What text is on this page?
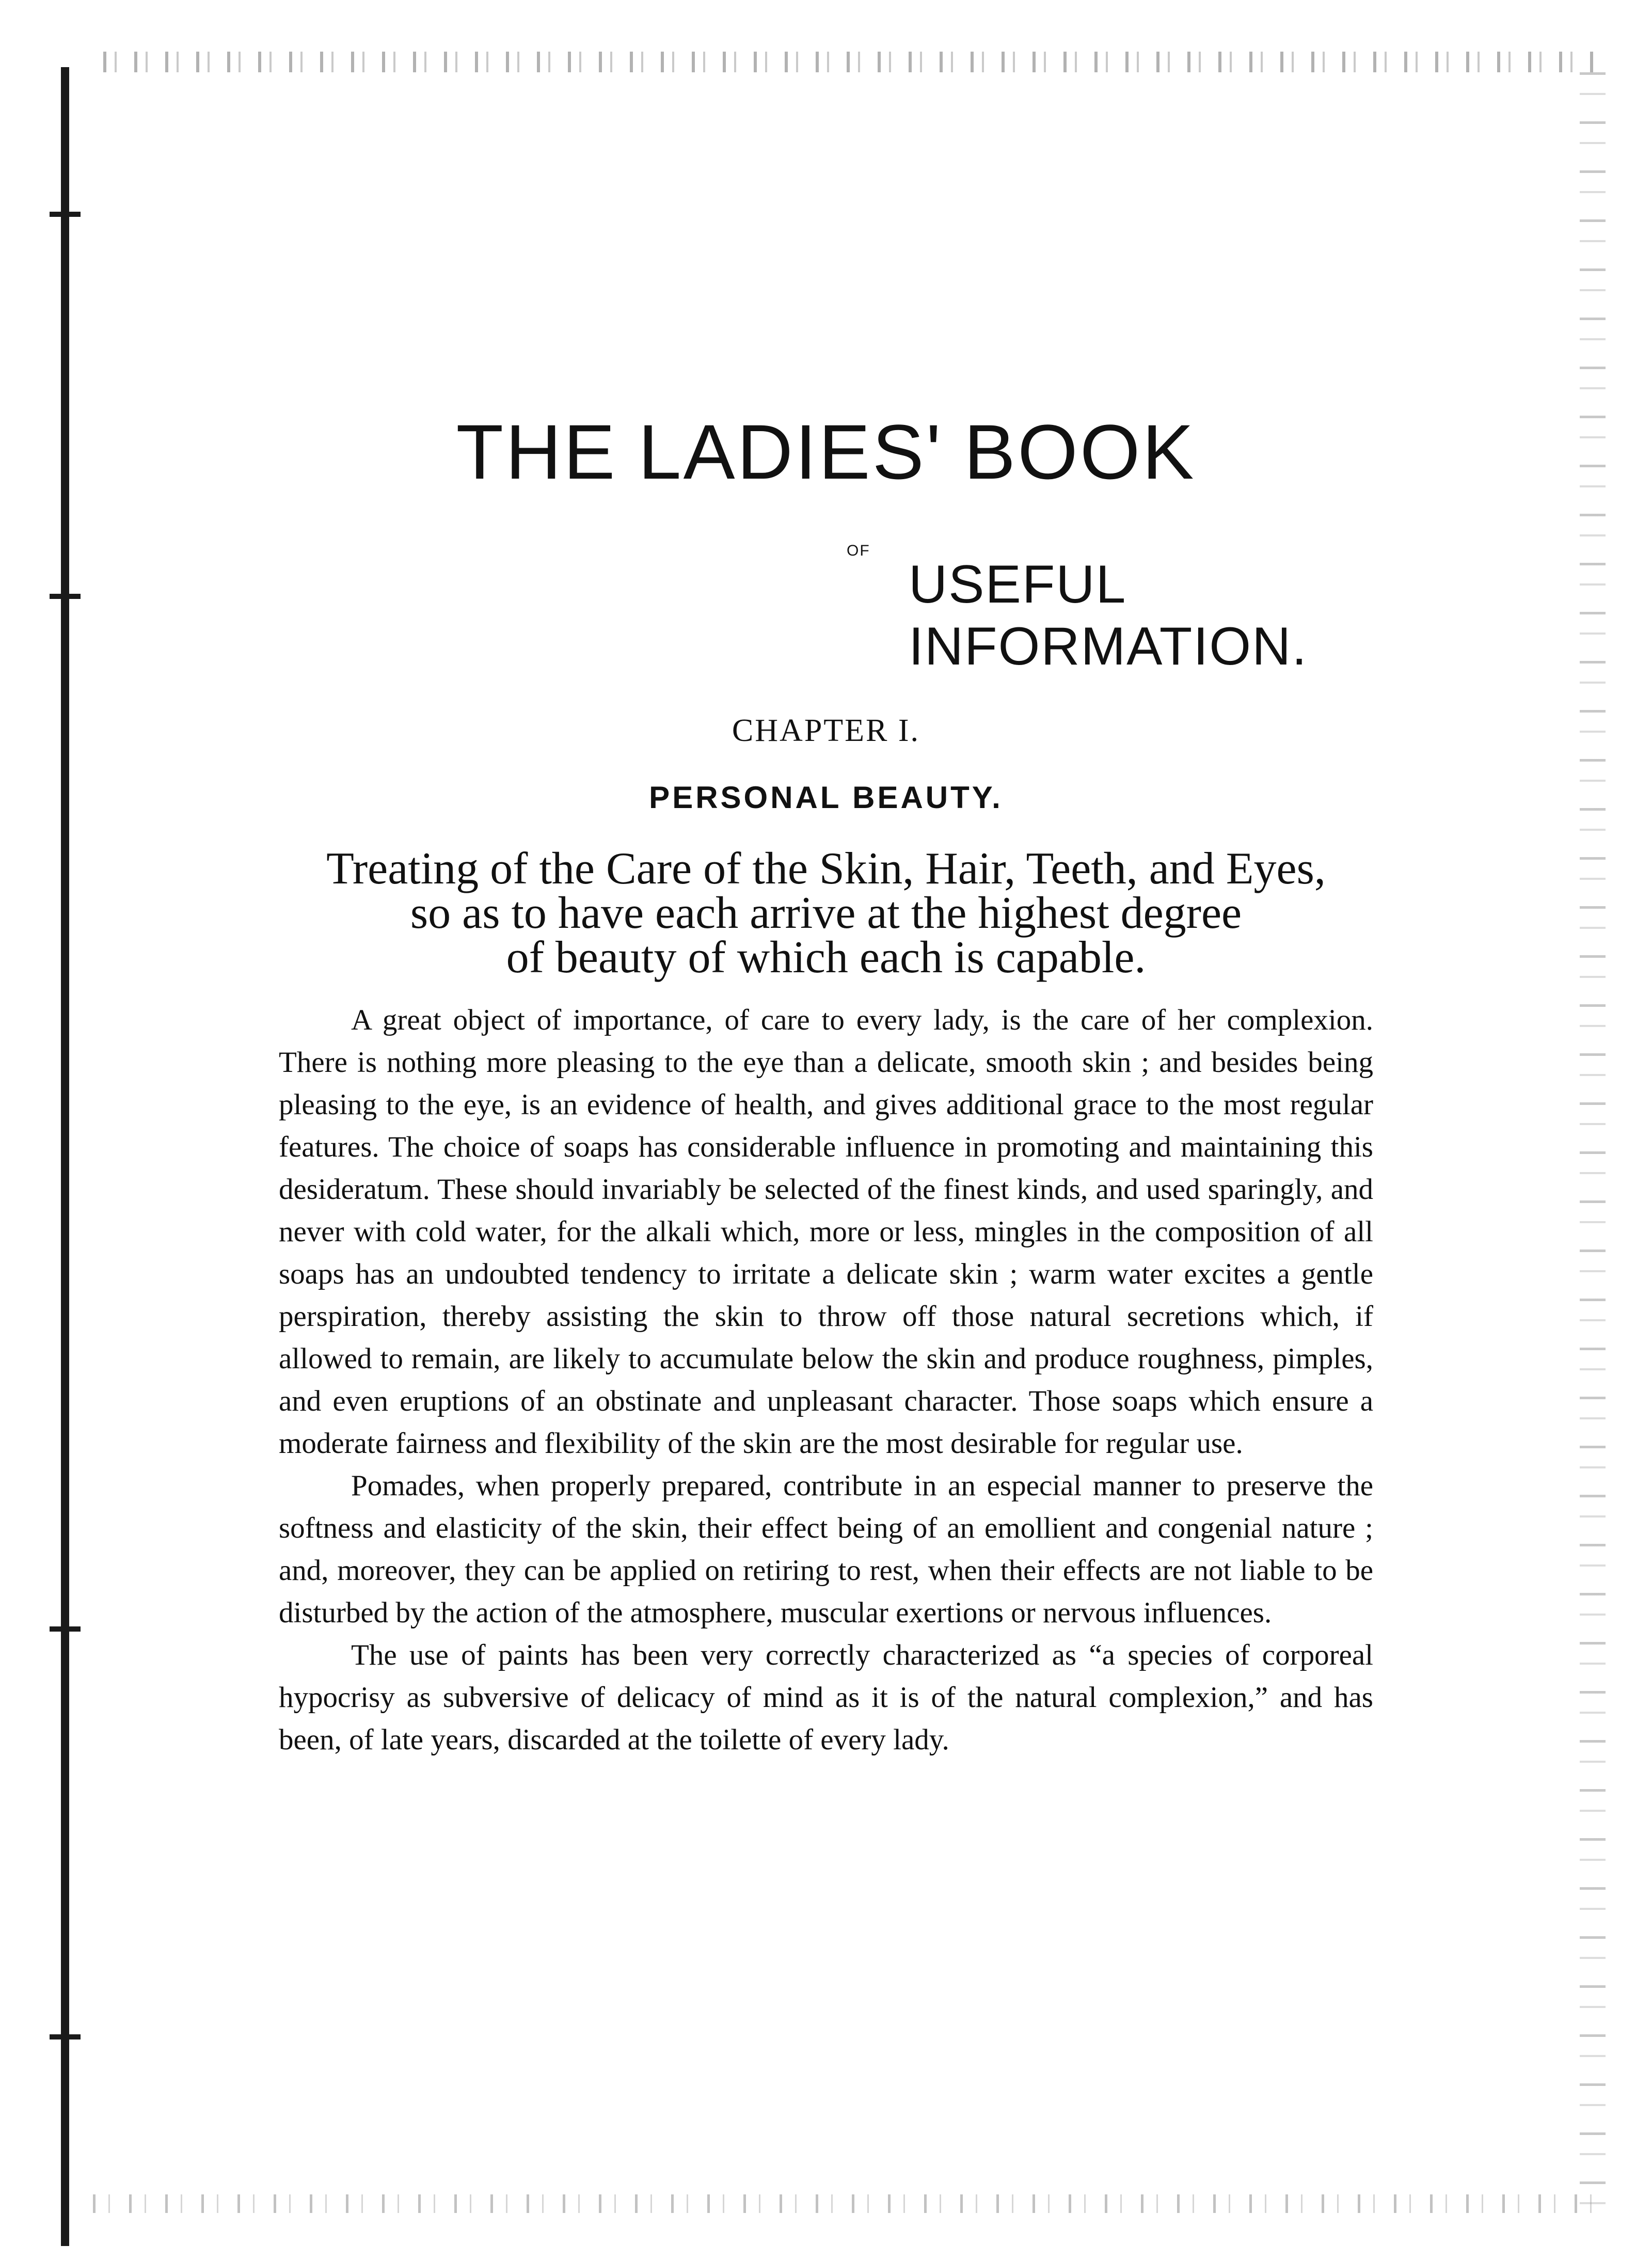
THE LADIES' BOOK
OF
USEFUL
INFORMATION.
CHAPTER I.
PERSONAL BEAUTY.
Treating of the Care of the Skin, Hair, Teeth, and Eyes,
so as to have each arrive at the highest degree
of beauty of which each is capable.

A great object of importance, of care to every lady, is the care of her complexion. There is nothing more pleasing to the eye than a delicate, smooth skin ; and besides being pleasing to the eye, is an evidence of health, and gives additional grace to the most regular features. The choice of soaps has considerable influence in promoting and maintaining this desideratum. These should invariably be selected of the finest kinds, and used sparingly, and never with cold water, for the alkali which, more or less, mingles in the composition of all soaps has an undoubted tendency to irritate a delicate skin ; warm water excites a gentle perspiration, thereby assisting the skin to throw off those natural secretions which, if allowed to remain, are likely to accumulate below the skin and produce roughness, pimples, and even eruptions of an obstinate and unpleasant character. Those soaps which ensure a moderate fairness and flexibility of the skin are the most desirable for regular use.

Pomades, when properly prepared, contribute in an especial manner to preserve the softness and elasticity of the skin, their effect being of an emollient and congenial nature ; and, moreover, they can be applied on retiring to rest, when their effects are not liable to be disturbed by the action of the atmosphere, muscular exertions or nervous influences.

The use of paints has been very correctly characterized as “a species of corporeal hypocrisy as subversive of delicacy of mind as it is of the natural complexion,” and has been, of late years, discarded at the toilette of every lady.
